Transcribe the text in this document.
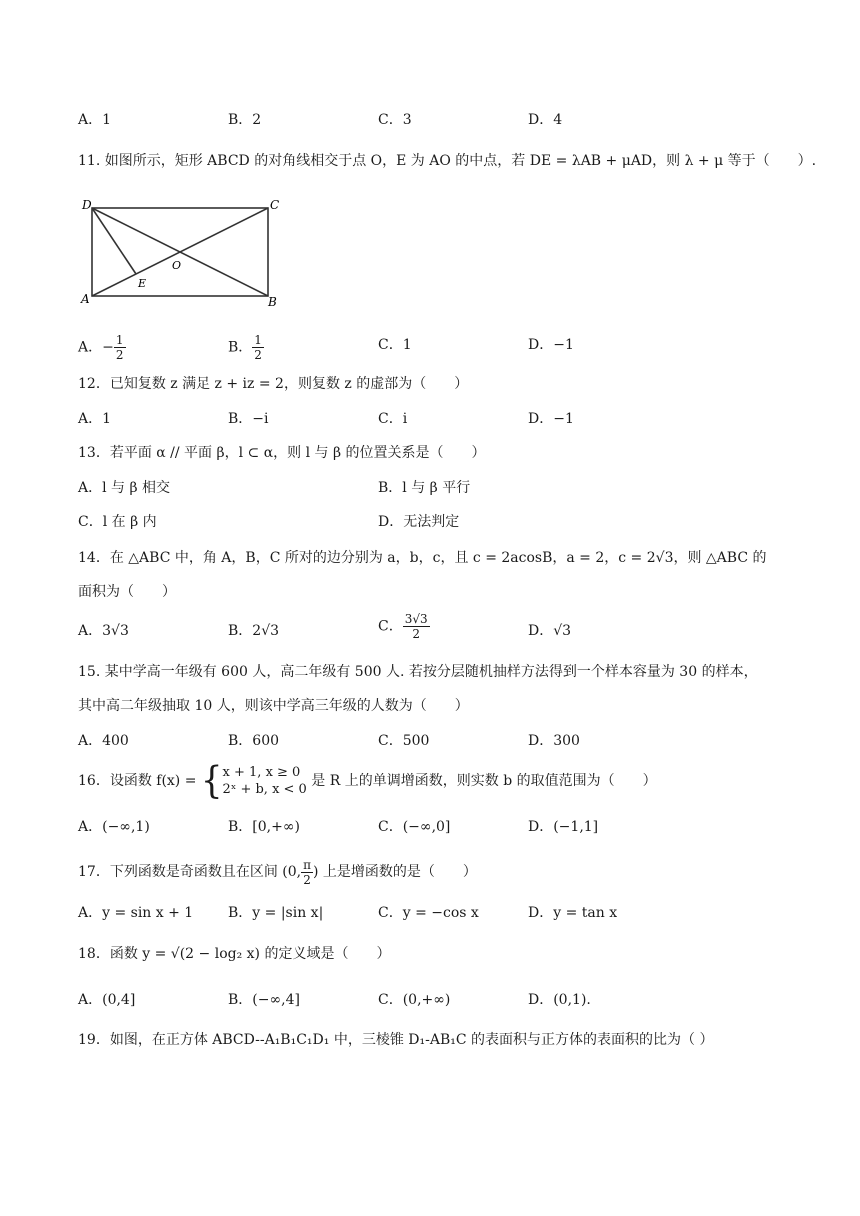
A．1	B．2	C．3	D．4
11. 如图所示，矩形 ABCD 的对角线相交于点 O，E 为 AO 的中点，若 DE = λAB + μAD，则 λ + μ 等于（　　）.
D	C
A	B
O
E
A．− $\frac{1}{2}$	B． $\frac{1}{2}$	C．1	D．−1
12．已知复数 z 满足 z + iz = 2，则复数 z 的虚部为（　　）
A．1	B．−i	C．i	D．−1
13．若平面 α // 平面 β，l ⊂ α，则 l 与 β 的位置关系是（　　）
A．l 与 β 相交	B．l 与 β 平行
C．l 在 β 内	D．无法判定
14．在 △ABC 中，角 A，B，C 所对的边分别为 a，b，c，且 c = 2acosB，a = 2，c = 2√3，则 △ABC 的
面积为（　　）
A．3√3	B．2√3	C． $\frac{3√3}{2}$	D．√3
15. 某中学高一年级有 600 人，高二年级有 500 人. 若按分层随机抽样方法得到一个样本容量为 30 的样本，
其中高二年级抽取 10 人，则该中学高三年级的人数为（　　）
A．400	B．600	C．500	D．300
16．设函数 f(x) = { x + 1, x ≥ 0
2ˣ + b, x < 0
是 R 上的单调增函数，则实数 b 的取值范围为（　　）
A．(−∞,1)	B．[0,+∞)	C．(−∞,0]	D．(−1,1]
17．下列函数是奇函数且在区间 (0, $\frac{\pi}{2}$ ) 上是增函数的是（　　）
A．y = sin x + 1 B．y = |sin x|	C．y = −cos x	D．y = tan x
18．函数 y = √(2 − log₂ x) 的定义域是（　　）
A．(0,4]	B．(−∞,4]	C．(0,+∞)	D．(0,1).
19．如图，在正方体 ABCD--A₁B₁C₁D₁ 中，三棱锥 D₁-AB₁C 的表面积与正方体的表面积的比为（ ）
